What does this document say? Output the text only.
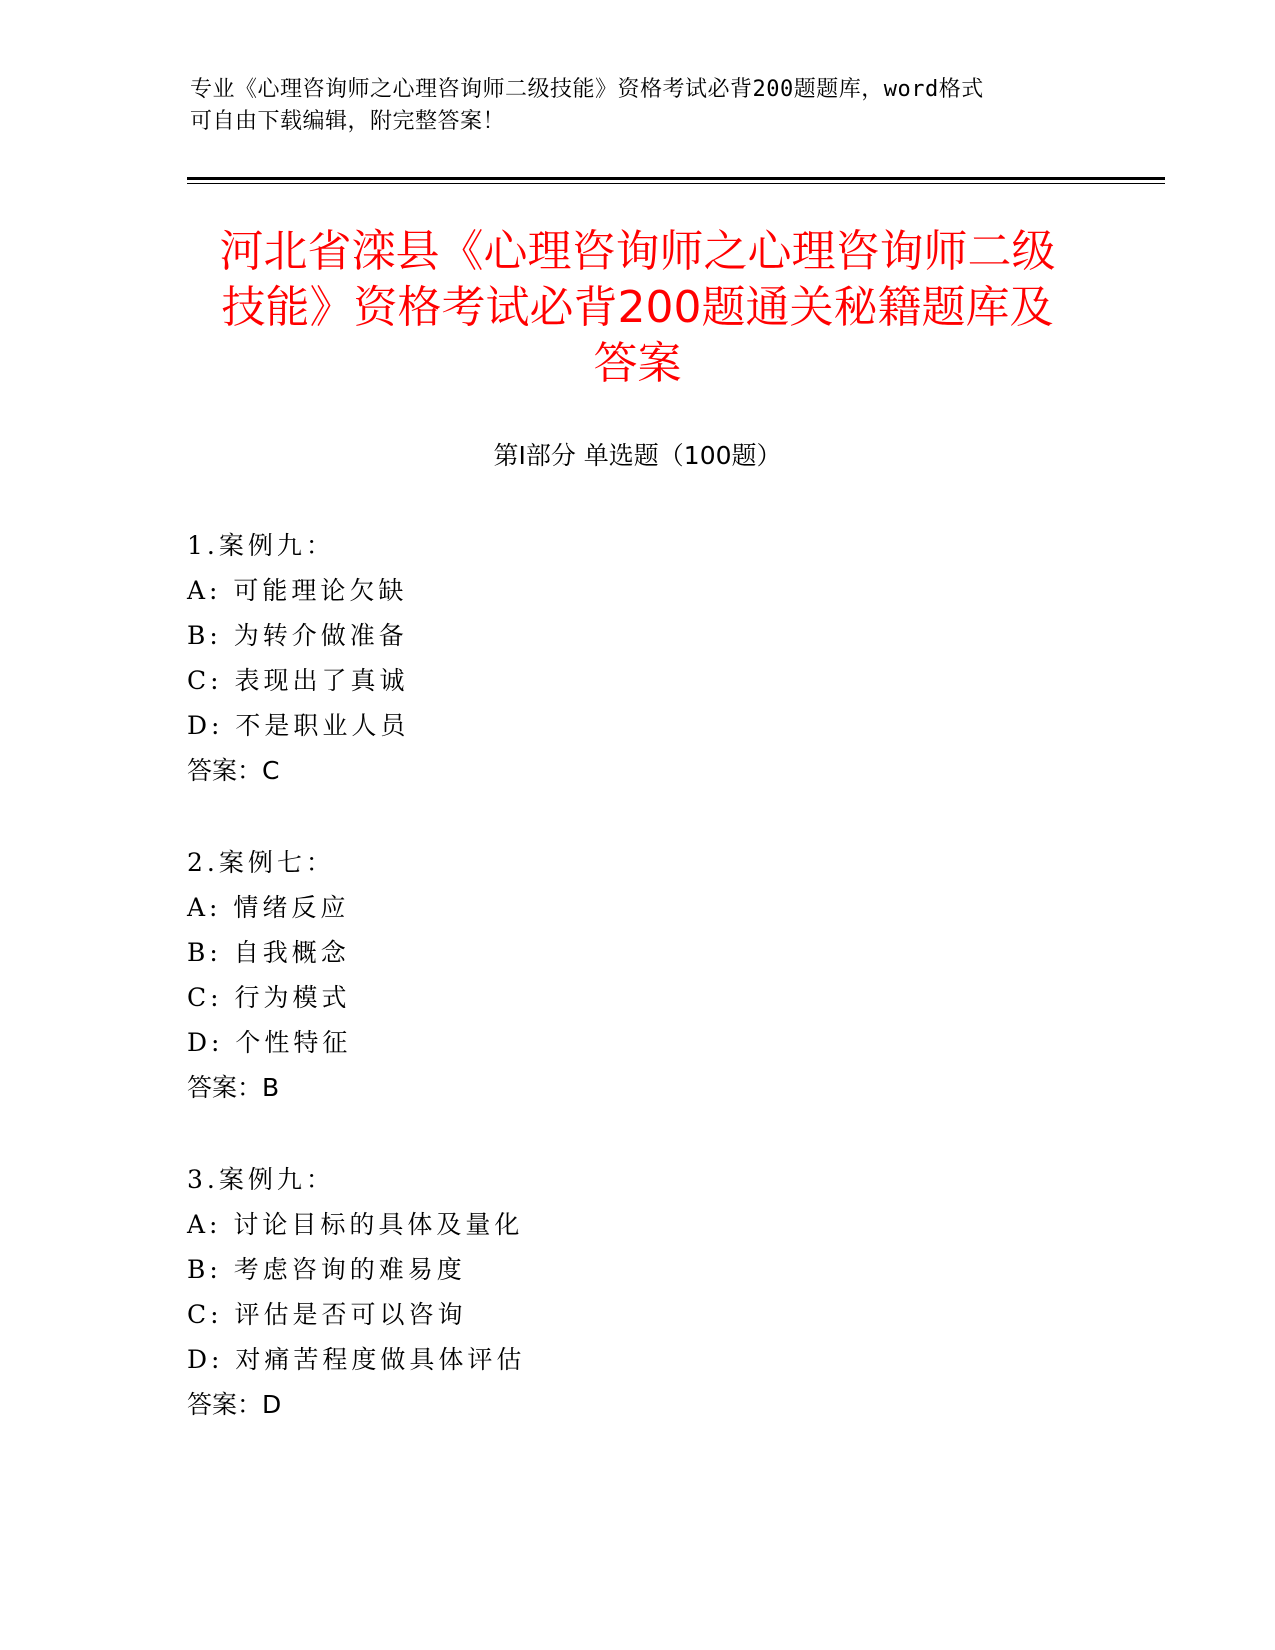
专业《心理咨询师之心理咨询师二级技能》资格考试必背200题题库，word格式
可自由下载编辑，附完整答案！
河北省滦县《心理咨询师之心理咨询师二级
技能》资格考试必背200题通关秘籍题库及
答案
第Ⅰ部分 单选题（100题）
1.案例九：
A: 可能理论欠缺
B: 为转介做准备
C: 表现出了真诚
D: 不是职业人员
答案：C
2.案例七：
A: 情绪反应
B: 自我概念
C: 行为模式
D: 个性特征
答案：B
3.案例九：
A: 讨论目标的具体及量化
B: 考虑咨询的难易度
C: 评估是否可以咨询
D: 对痛苦程度做具体评估
答案：D
